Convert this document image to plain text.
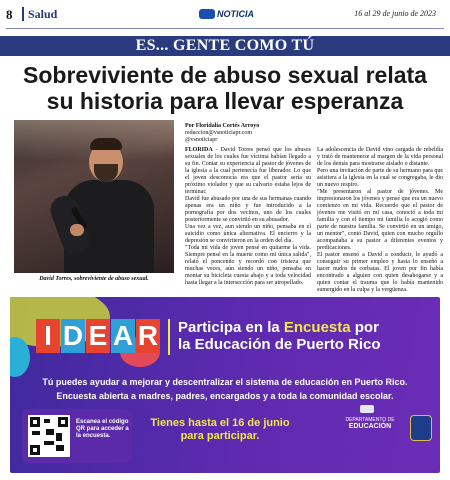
8 Salud	NOTICIA	16 al 29 de junio de 2023
ES... GENTE COMO TÚ
Sobreviviente de abuso sexual relata su historia para llevar esperanza
David Torres, sobreviviente de abuso sexual.
Por Floridalia Cortés Arroyo
redaccion@vsnoticiapr.com
@vsnoticiapr

FLORIDA - David Torres pensó que los abusos sexuales de los cuales fue víctima habían llegado a su fin. Contar su experiencia al pastor de jóvenes de la iglesia a la cual pertenecía fue liberador. Lo que el joven desconocía era que el pastor sería su próximo violador y que su calvario estaba lejos de terminar.

David fue abusado por una de sus hermanas cuando apenas era un niño y fue introducido a la pornografía por dos vecinos, uno de los cuales posteriormente se convirtió en su abusador.

Una vez a vez, aun siendo un niño, pensaba en el suicidio como única alternativa. El encierro y la depresión se convirtieron en la orden del día.

"Toda mi vida de joven pensé en quitarme la vida. Siempre pensé en la muerte como mi única salida", relató el poncenño y recordó con tristeza que muchas veces, aún siendo un niño, pensaba en montar su bicicleta cuesta abajo y a toda velocidad hasta llegar a la intersección para ser atropellado.

La adolescencia de David vino cargada de rebeldía y trató de mantenerse al margen de la vida personal de los demás para mostrarse aislado o distante.

Pero una invitación de parte de su hermano para que asistiera a la iglesia en la cual se congregaba, le dio un nuevo respiro.

"Me presentaron al pastor de jóvenes. Me impresionaron los jóvenes y pensé que era un nuevo comienzo en mi vida. Recuerdo que el pastor de jóvenes me visitó en mi casa, conoció a toda mi familia y con el tiempo mi familia lo acogió como parte de nuestra familia. Se convirtió en un amigo, un mentor", contó David, quien con mucho orgullo acompañaba a su pastor a diferentes eventos y predicaciones.

El pastor ensenó a David a conducir, le ayudó a conseguir su primer empleo y hasta lo enseñó a hacer nudos de corbatas. El joven por fin había encontrado a alguien con quien desahogarse y a quien contar el trauma que lo había mantenido sumergido en la culpa y la vergüenza.

I D E A R Participa en la Encuesta por
la Educación de Puerto Rico
Tú puedes ayudar a mejorar y descentralizar el sistema de educación en Puerto Rico.
Encuesta abierta a madres, padres, encargados y a toda la comunidad escolar.
Escanea el código QR para acceder a la encuesta.
Tienes hasta el 16 de junio
para participar.
DEPARTAMENTO DE
EDUCACIÓN
